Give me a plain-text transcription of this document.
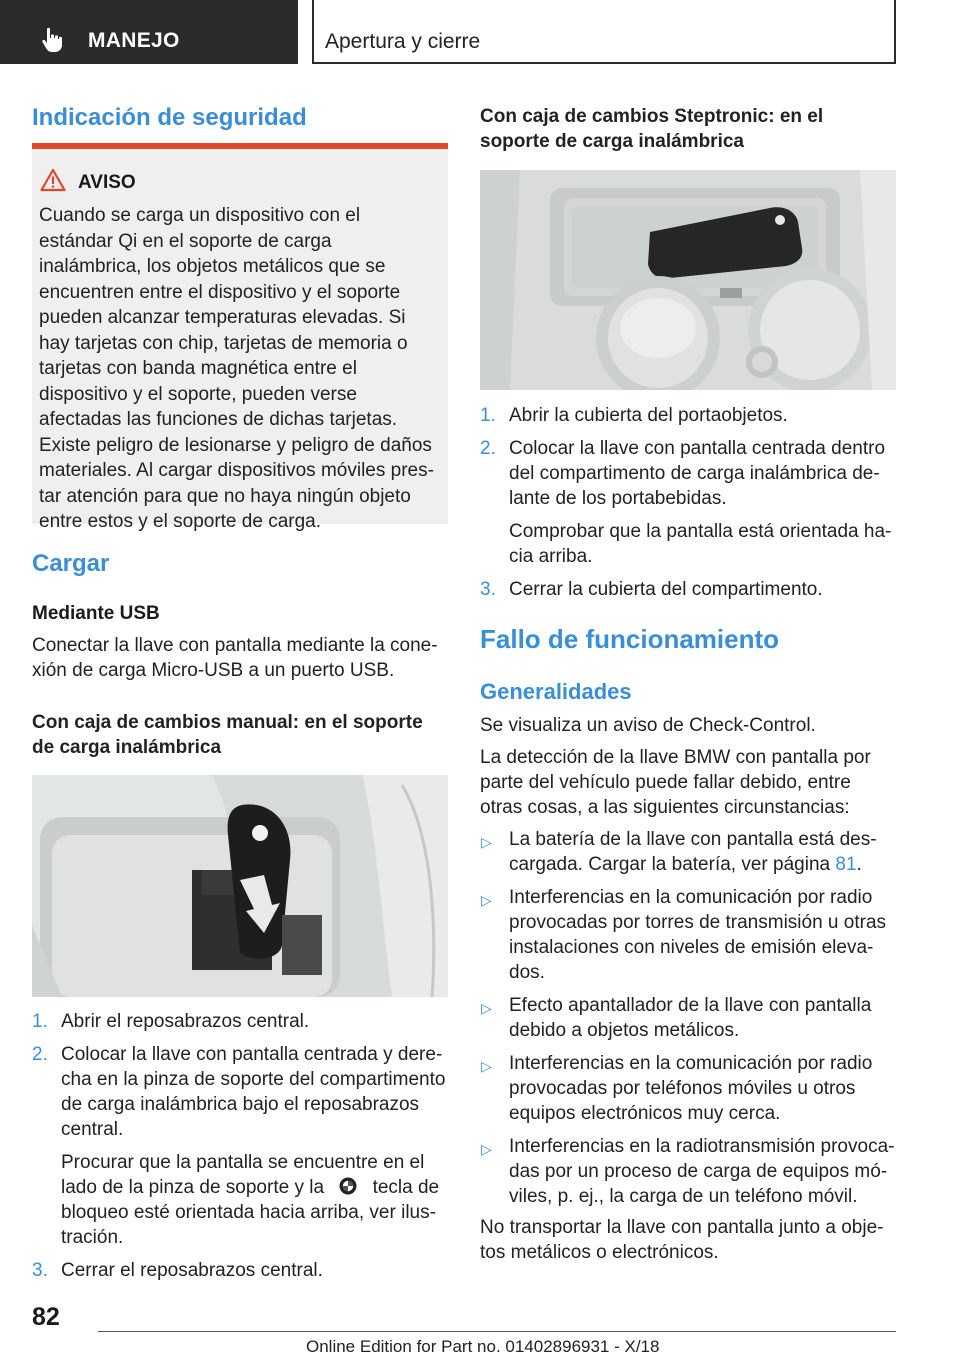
MANEJO	Apertura y cierre
Indicación de seguridad
AVISO
Cuando se carga un dispositivo con el estándar Qi en el soporte de carga inalámbrica, los objetos metálicos que se encuentren entre el dispositivo y el soporte pueden alcanzar temperaturas elevadas. Si hay tarjetas con chip, tarjetas de memoria o tarjetas con banda magnética entre el dispositivo y el soporte, pueden verse afectadas las funciones de dichas tarjetas. Existe peligro de lesionarse y peligro de daños materiales. Al cargar dispositivos móviles prestar atención para que no haya ningún objeto entre estos y el soporte de carga.
Cargar
Mediante USB

Conectar la llave con pantalla mediante la conexión de carga Micro-USB a un puerto USB.

Con caja de cambios manual: en el soporte de carga inalámbrica

1. Abrir el reposabrazos central.
2. Colocar la llave con pantalla centrada y derecha en la pinza de soporte del compartimento de carga inalámbrica bajo el reposabrazos central.
Procurar que la pantalla se encuentre en el lado de la pinza de soporte y la	tecla de bloqueo esté orientada hacia arriba, ver ilustración.
3. Cerrar el reposabrazos central.

Con caja de cambios Steptronic: en el soporte de carga inalámbrica

1. Abrir la cubierta del portaobjetos.
2. Colocar la llave con pantalla centrada dentro del compartimento de carga inalámbrica delante de los portabebidas.
Comprobar que la pantalla está orientada hacia arriba.
3. Cerrar la cubierta del compartimento.
Fallo de funcionamiento
Generalidades

Se visualiza un aviso de Check-Control.

La detección de la llave BMW con pantalla por parte del vehículo puede fallar debido, entre otras cosas, a las siguientes circunstancias:

▷ La batería de la llave con pantalla está descargada. Cargar la batería, ver página 81.
▷ Interferencias en la comunicación por radio provocadas por torres de transmisión u otras instalaciones con niveles de emisión elevados.
▷ Efecto apantallador de la llave con pantalla debido a objetos metálicos.
▷ Interferencias en la comunicación por radio provocadas por teléfonos móviles u otros equipos electrónicos muy cerca.
▷ Interferencias en la radiotransmisión provocadas por un proceso de carga de equipos móviles, p. ej., la carga de un teléfono móvil.

No transportar la llave con pantalla junto a objetos metálicos o electrónicos.

82
Online Edition for Part no. 01402896931 - X/18
